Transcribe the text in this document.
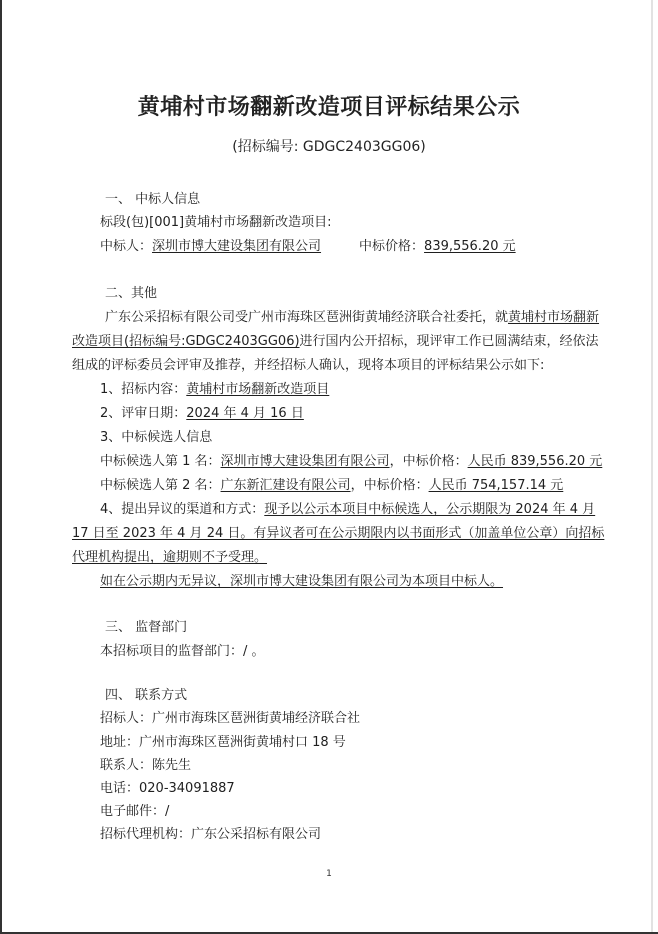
黄埔村市场翻新改造项目评标结果公示
(招标编号: GDGC2403GG06)
一、 中标人信息
标段(包)[001]黄埔村市场翻新改造项目:
中标人：深圳市博大建设集团有限公司	中标价格：839,556.20 元
二、其他
广东公采招标有限公司受广州市海珠区琶洲街黄埔经济联合社委托，就黄埔村市场翻新
改造项目(招标编号:GDGC2403GG06)进行国内公开招标，现评审工作已圆满结束，经依法
组成的评标委员会评审及推荐，并经招标人确认，现将本项目的评标结果公示如下:
1、招标内容：黄埔村市场翻新改造项目
2、评审日期：2024 年 4 月 16 日
3、中标候选人信息
中标候选人第 1 名：深圳市博大建设集团有限公司，中标价格：人民币 839,556.20 元
中标候选人第 2 名：广东新汇建设有限公司，中标价格：人民币 754,157.14 元
4、提出异议的渠道和方式：现予以公示本项目中标候选人，公示期限为 2024 年 4 月
17 日至 2023 年 4 月 24 日。有异议者可在公示期限内以书面形式（加盖单位公章）向招标
代理机构提出，逾期则不予受理。
如在公示期内无异议，深圳市博大建设集团有限公司为本项目中标人。
三、 监督部门
本招标项目的监督部门：/ 。
四、 联系方式
招标人：广州市海珠区琶洲街黄埔经济联合社
地址：广州市海珠区琶洲街黄埔村口 18 号
联系人：陈先生
电话：020-34091887
电子邮件：/
招标代理机构：广东公采招标有限公司
1
